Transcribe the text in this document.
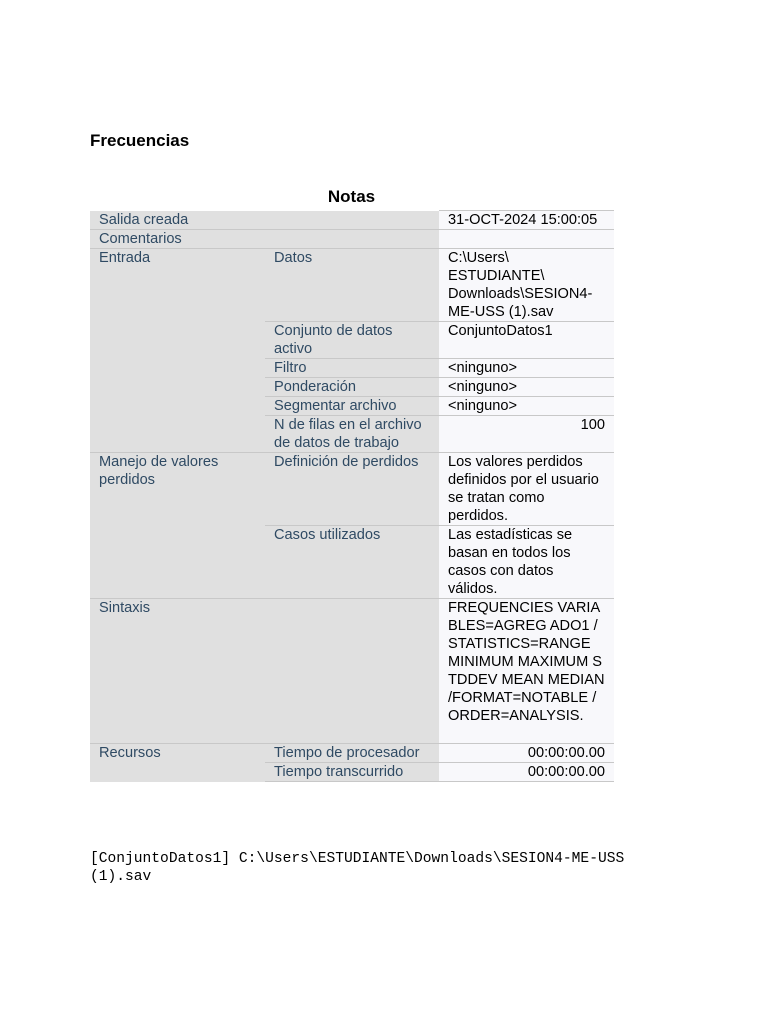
Frecuencias
Notas
Salida creada		31-OCT-2024 15:00:05
Comentarios		
Entrada	Datos	C:\Users\ ESTUDIANTE\ Downloads\SESION4-ME-USS (1).sav
	Conjunto de datos activo	ConjuntoDatos1
	Filtro	<ninguno>
	Ponderación	<ninguno>
	Segmentar archivo	<ninguno>
	N de filas en el archivo de datos de trabajo	100
Manejo de valores perdidos	Definición de perdidos	Los valores perdidos definidos por el usuario se tratan como perdidos.
	Casos utilizados	Las estadísticas se basan en todos los casos con datos válidos.
Sintaxis		FREQUENCIES VARIABLES=AGREG ADO1 /STATISTICS=RANGE MINIMUM MAXIMUM STDDEV MEAN MEDIAN /FORMAT=NOTABLE /ORDER=ANALYSIS.
Recursos	Tiempo de procesador	00:00:00.00
	Tiempo transcurrido	00:00:00.00
[ConjuntoDatos1] C:\Users\ESTUDIANTE\Downloads\SESION4-ME-USS (1).sav
